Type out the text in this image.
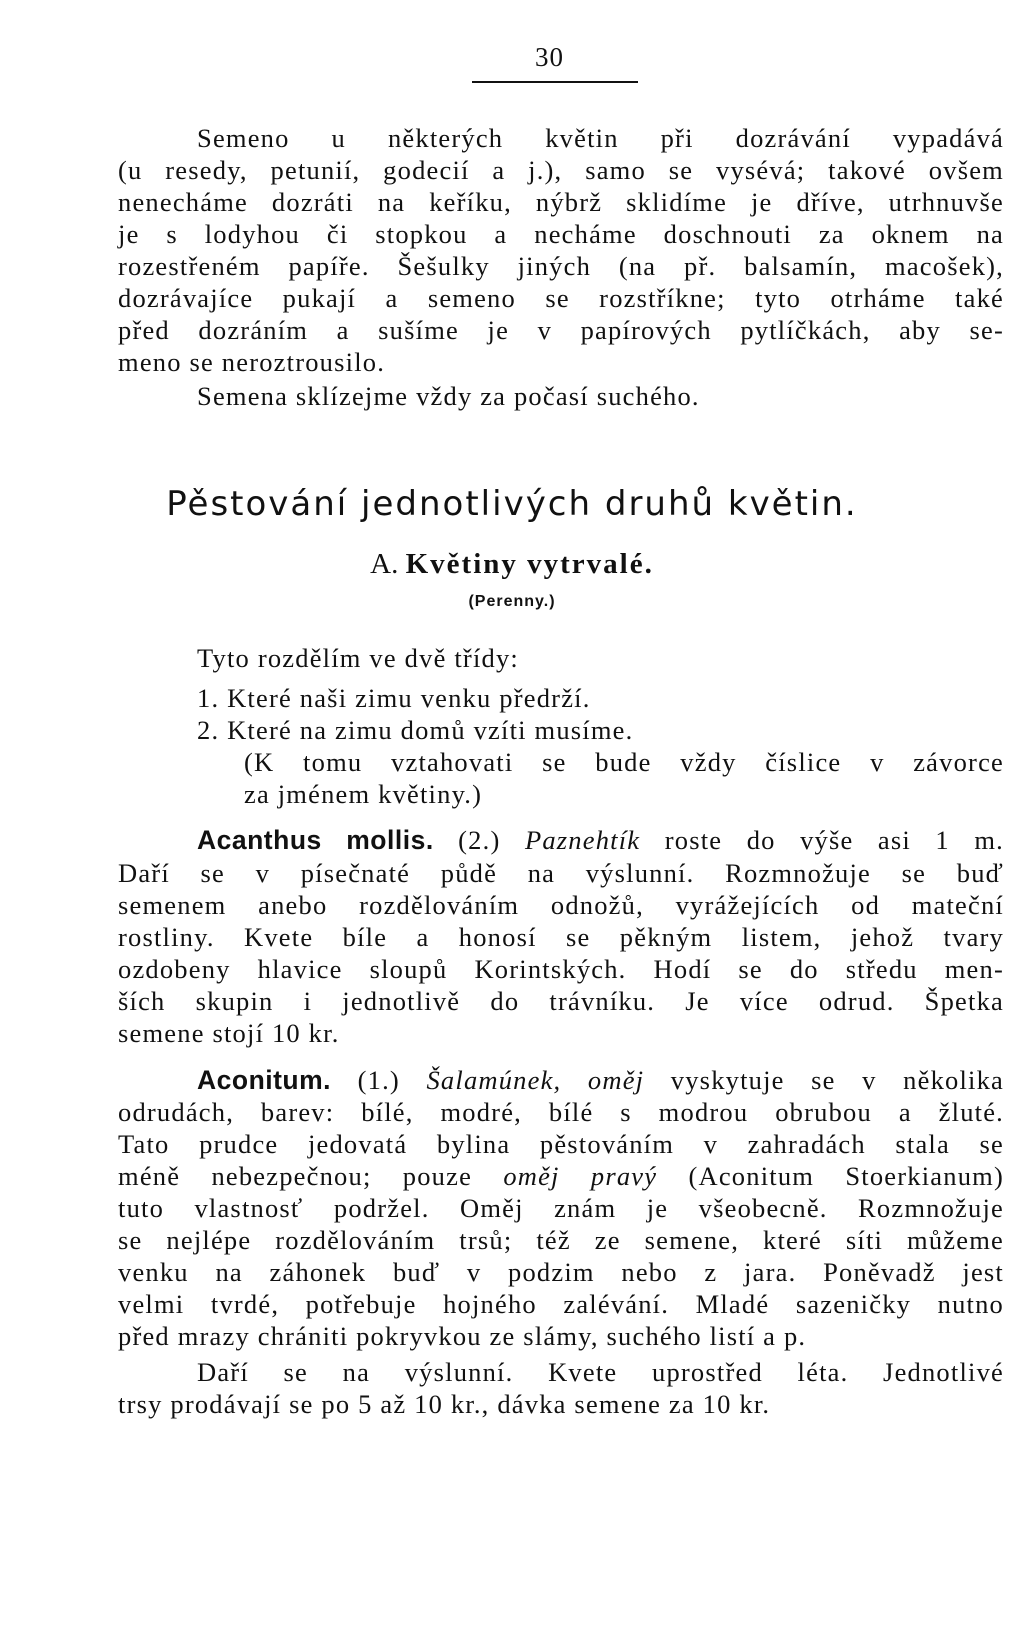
30
Semeno u některých květin při dozrávání vypadává
(u resedy, petunií, godecií a j.), samo se vysévá; takové ovšem
nenecháme dozráti na keříku, nýbrž sklidíme je dříve, utrhnuvše
je s lodyhou či stopkou a necháme doschnouti za oknem na
rozestřeném papíře. Šešulky jiných (na př. balsamín, macošek),
dozrávajíce pukají a semeno se rozstříkne; tyto otrháme také
před dozráním a sušíme je v papírových pytlíčkách, aby se-
meno se neroztrousilo.
Semena sklízejme vždy za počasí suchého.
Pěstování jednotlivých druhů květin.
A. Květiny vytrvalé.
(Perenny.)
Tyto rozdělím ve dvě třídy:
1. Které naši zimu venku předrží.
2. Které na zimu domů vzíti musíme.
(K tomu vztahovati se bude vždy číslice v závorce
za jménem květiny.)
Acanthus mollis. (2.) Paznehtík roste do výše asi 1 m.
Daří se v písečnaté půdě na výslunní. Rozmnožuje se buď
semenem anebo rozdělováním odnožů, vyrážejících od mateční
rostliny. Kvete bíle a honosí se pěkným listem, jehož tvary
ozdobeny hlavice sloupů Korintských. Hodí se do středu men-
ších skupin i jednotlivě do trávníku. Je více odrud. Špetka
semene stojí 10 kr.
Aconitum. (1.) Šalamúnek, oměj vyskytuje se v několika
odrudách, barev: bílé, modré, bílé s modrou obrubou a žluté.
Tato prudce jedovatá bylina pěstováním v zahradách stala se
méně nebezpečnou; pouze oměj pravý (Aconitum Stoerkianum)
tuto vlastnosť podržel. Oměj znám je všeobecně. Rozmnožuje
se nejlépe rozdělováním trsů; též ze semene, které síti můžeme
venku na záhonek buď v podzim nebo z jara. Poněvadž jest
velmi tvrdé, potřebuje hojného zalévání. Mladé sazeničky nutno
před mrazy chrániti pokryvkou ze slámy, suchého listí a p.
Daří se na výslunní. Kvete uprostřed léta. Jednotlivé
trsy prodávají se po 5 až 10 kr., dávka semene za 10 kr.
